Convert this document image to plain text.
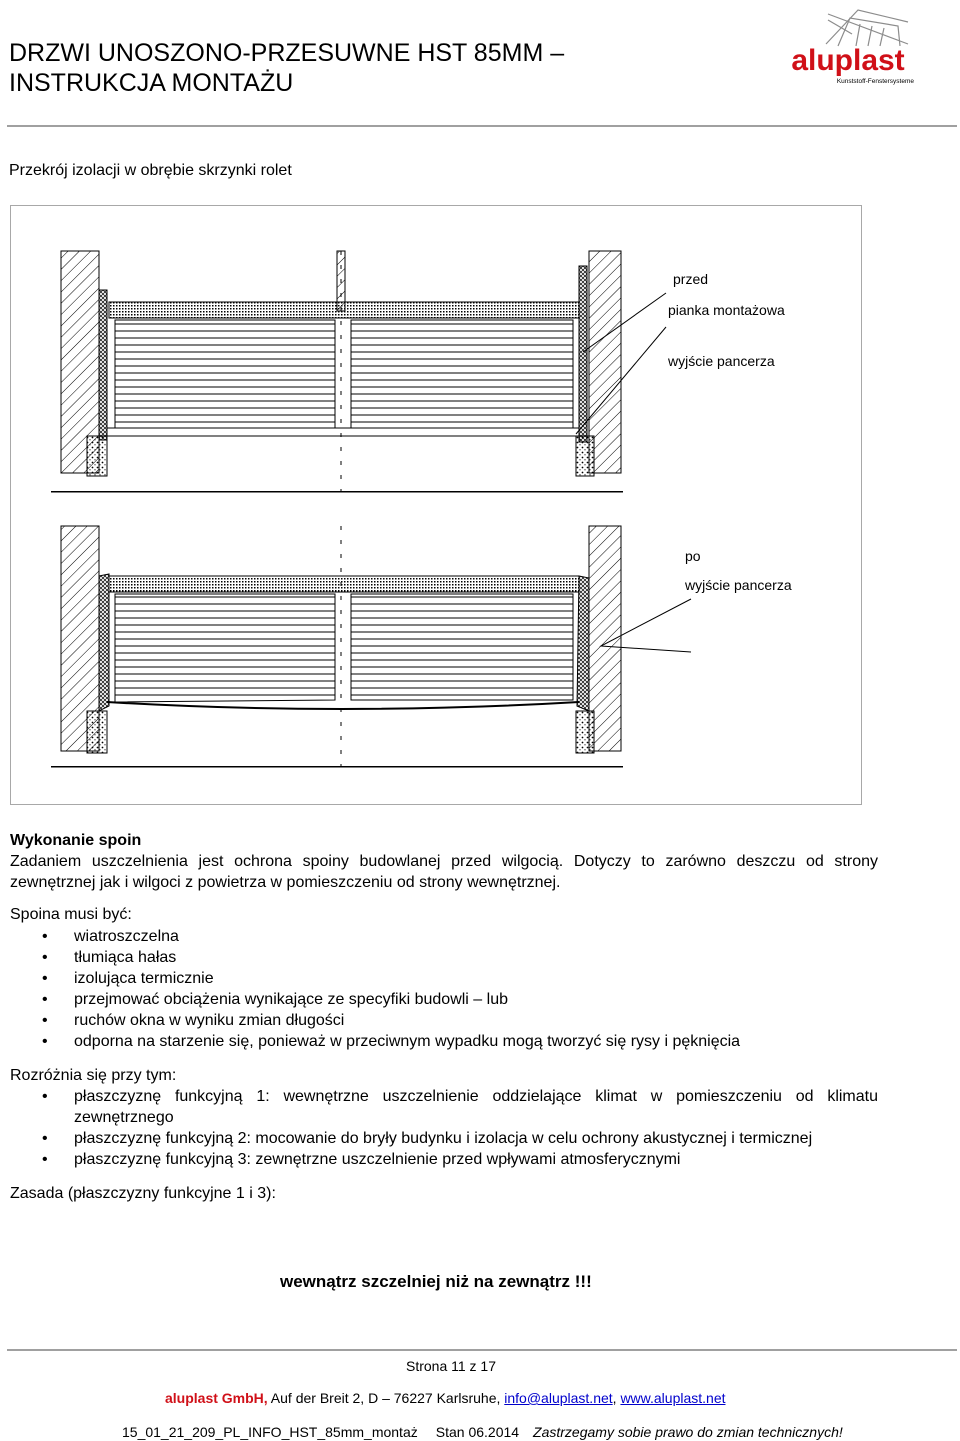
DRZWI UNOSZONO-PRZESUWNE HST 85MM –
INSTRUKCJA MONTAŻU
aluplast
Kunststoff-Fenstersysteme
Przekrój izolacji w obrębie skrzynki rolet
przed
pianka montażowa
wyjście pancerza
po
wyjście pancerza

Wykonanie spoin

Zadaniem uszczelnienia jest ochrona spoiny budowlanej przed wilgocią. Dotyczy to zarówno deszczu od strony zewnętrznej jak i wilgoci z powietrza w pomieszczeniu od strony wewnętrznej.

Spoina musi być:

• wiatroszczelna
• tłumiąca hałas
• izolująca termicznie
• przejmować obciążenia wynikające ze specyfiki budowli – lub
• ruchów okna w wyniku zmian długości
• odporna na starzenie się, ponieważ w przeciwnym wypadku mogą tworzyć się rysy i pęknięcia

Rozróżnia się przy tym:

• płaszczyznę funkcyjną 1: wewnętrzne uszczelnienie oddzielające klimat w pomieszczeniu od klimatu zewnętrznego
• płaszczyznę funkcyjną 2: mocowanie do bryły budynku i izolacja w celu ochrony akustycznej i termicznej
• płaszczyznę funkcyjną 3: zewnętrzne uszczelnienie przed wpływami atmosferycznymi

Zasada (płaszczyzny funkcyjne 1 i 3):

wewnątrz szczelniej niż na zewnątrz !!!
Strona 11 z 17
aluplast GmbH, Auf der Breit 2, D – 76227 Karlsruhe, info@aluplast.net, www.aluplast.net
15_01_21_209_PL_INFO_HST_85mm_montaż Stan 06.2014 Zastrzegamy sobie prawo do zmian technicznych!
